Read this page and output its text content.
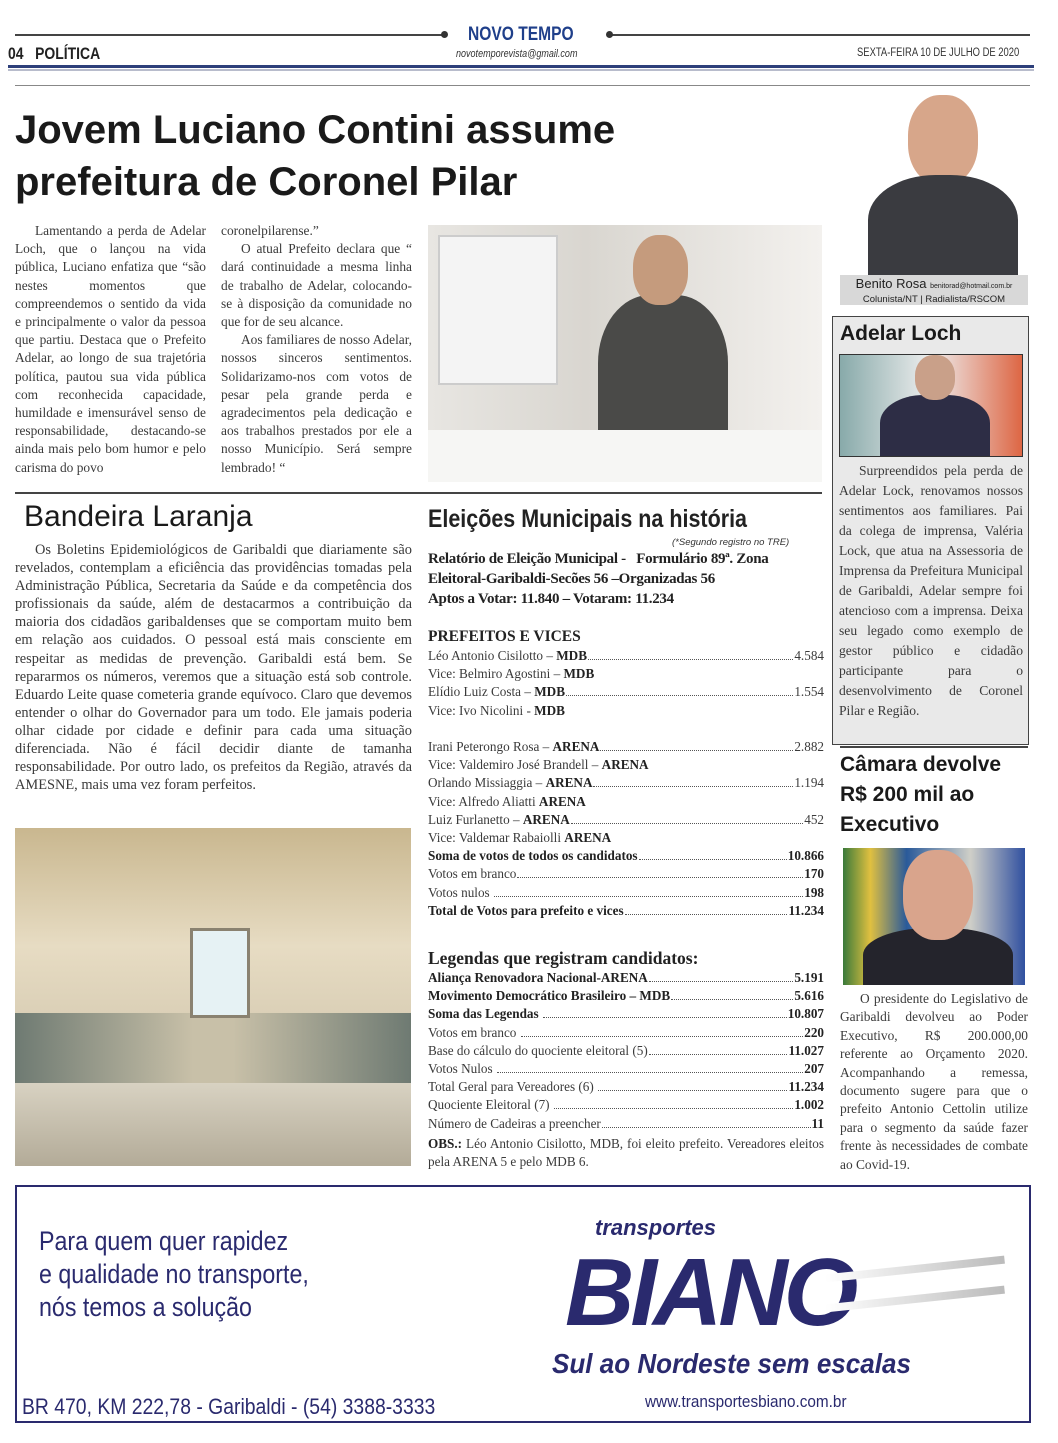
NOVO TEMPO
04 POLÍTICA	novotemporevista@gmail.com	SEXTA-FEIRA 10 DE JULHO DE 2020
Jovem Luciano Contini assume
prefeitura de Coronel Pilar

Lamentando a perda de Adelar Loch, que o lançou na vida pública, Luciano enfatiza que “são nestes momentos que compreendemos o sentido da vida e principalmente o valor da pessoa que partiu. Destaca que o Prefeito Adelar, ao longo de sua trajetória política, pautou sua vida pública com reconhecida capacidade, humildade e imensurável senso de responsabilidade, destacando-se ainda mais pelo bom humor e pelo carisma do povo

coronelpilarense.”

O atual Prefeito declara que “ dará continuidade a mesma linha de trabalho de Adelar, colocando-se à disposição da comunidade no que for de seu alcance.

Aos familiares de nosso Adelar, nossos sinceros sentimentos. Solidarizamo-nos com votos de pesar pela grande perda e agradecimentos pela dedicação e aos trabalhos prestados por ele a nosso Município. Será sempre lembrado! “

Benito Rosa benitorad@hotmail.com.br
Colunista/NT | Radialista/RSCOM
Adelar Loch

Surpreendidos pela perda de Adelar Lock, renovamos nossos sentimentos aos familiares. Pai da colega de imprensa, Valéria Lock, que atua na Assessoria de Imprensa da Prefeitura Municipal de Garibaldi, Adelar sempre foi atencioso com a imprensa. Deixa seu legado como exemplo de gestor público e cidadão participante para o desenvolvimento de Coronel Pilar e Região.

Bandeira Laranja

Os Boletins Epidemiológicos de Garibaldi que diariamente são revelados, contemplam a eficiência das providências tomadas pela Administração Pública, Secretaria da Saúde e da competência dos profissionais da saúde, além de destacarmos a contribuição da maioria dos cidadãos garibaldenses que se comportam muito bem em relação aos cuidados. O pessoal está mais consciente em respeitar as medidas de prevenção. Garibaldi está bem. Se repararmos os números, veremos que a situação está sob controle. Eduardo Leite quase cometeria grande equívoco. Claro que devemos entender o olhar do Governador para um todo. Ele jamais poderia olhar cidade por cidade e definir para cada uma situação diferenciada. Não é fácil decidir diante de tamanha responsabilidade. Por outro lado, os prefeitos da Região, através da AMESNE, mais uma vez foram perfeitos.

Eleições Municipais na história
(*Segundo registro no TRE)
Relatório de Eleição Municipal -   Formulário 89ª. Zona
Eleitoral-Garibaldi-Secões 56 –Organizadas 56
Aptos a Votar: 11.840 – Votaram: 11.234
PREFEITOS E VICES
Léo Antonio Cisilotto – MDB	4.584
Vice: Belmiro Agostini – MDB
Elídio Luiz Costa – MDB	1.554
Vice: Ivo Nicolini - MDB
Irani Peterongo Rosa – ARENA	2.882
Vice: Valdemiro José Brandell – ARENA
Orlando Missiaggia – ARENA	1.194
Vice: Alfredo Aliatti ARENA
Luiz Furlanetto – ARENA	452
Vice: Valdemar Rabaiolli ARENA
Soma de votos de todos os candidatos	10.866
Votos em branco	170
Votos nulos	198
Total de Votos para prefeito e vices	11.234
Legendas que registram candidatos:
Aliança Renovadora Nacional-ARENA	5.191
Movimento Democrático Brasileiro – MDB	5.616
Soma das Legendas	10.807
Votos em branco	220
Base do cálculo do quociente eleitoral (5)	11.027
Votos Nulos	207
Total Geral para Vereadores (6)	11.234
Quociente Eleitoral (7)	1.002
Número de Cadeiras a preencher	11
OBS.: Léo Antonio Cisilotto, MDB, foi eleito prefeito. Vereadores eleitos pela ARENA 5 e pelo MDB 6.
Câmara devolve
R$ 200 mil ao
Executivo

O presidente do Legislativo de Garibaldi devolveu ao Poder Executivo, R$ 200.000,00 referente ao Orçamento 2020. Acompanhando a remessa, documento sugere para que o prefeito Antonio Cettolin utilize para o segmento da saúde fazer frente às necessidades de combate ao Covid-19.

Para quem quer rapidez
e qualidade no transporte,
nós temos a solução
transportes
BIANO
Sul ao Nordeste sem escalas
www.transportesbiano.com.br
BR 470, KM 222,78 - Garibaldi - (54) 3388-3333
